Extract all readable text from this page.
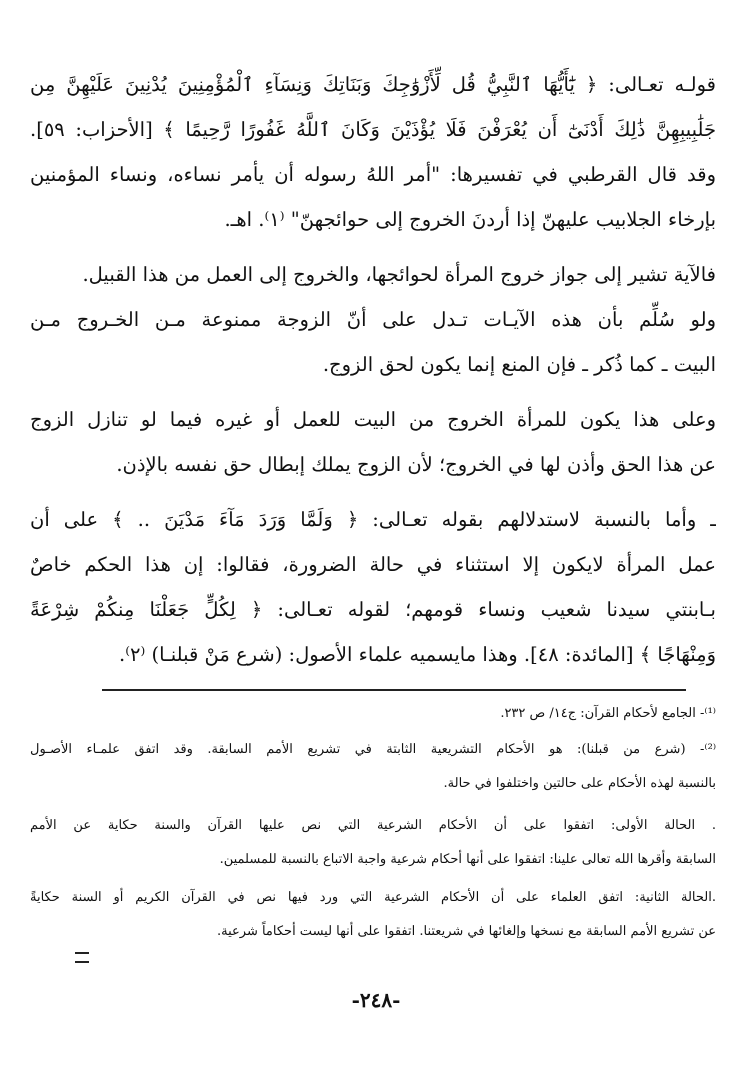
قولـه تعـالى: ﴿ يَٰٓأَيُّهَا ٱلنَّبِيُّ قُل لِّأَزْوَٰجِكَ وَبَنَاتِكَ وَنِسَآءِ ٱلْمُؤْمِنِينَ يُدْنِينَ عَلَيْهِنَّ مِن
جَلَٰبِيبِهِنَّ ذَٰلِكَ أَدْنَىٰٓ أَن يُعْرَفْنَ فَلَا يُؤْذَيْنَ وَكَانَ ٱللَّهُ غَفُورًا رَّحِيمًا ﴾ [الأحزاب: ٥٩].
وقد قال القرطبي في تفسيرها: "أمر اللهُ رسوله أن يأمر نساءه، ونساء المؤمنين
بإرخاء الجلابيب عليهنّ إذا أردنَ الخروج إلى حوائجهنّ" ⁽١⁾. اهـ.
فالآية تشير إلى جواز خروج المرأة لحوائجها، والخروج إلى العمل من هذا القبيل.
ولو سُلِّم بأن هذه الآيـات تـدل على أنّ الزوجة ممنوعة مـن الخـروج مـن
البيت ـ كما ذُكر ـ فإن المنع إنما يكون لحق الزوج.
وعلى هذا يكون للمرأة الخروج من البيت للعمل أو غيره فيما لو تنازل الزوج
عن هذا الحق وأذن لها في الخروج؛ لأن الزوج يملك إبطال حق نفسه بالإذن.
ـ وأما بالنسبة لاستدلالهم بقوله تعـالى: ﴿ وَلَمَّا وَرَدَ مَآءَ مَدْيَنَ .. ﴾ على أن
عمل المرأة لايكون إلا استثناء في حالة الضرورة، فقالوا: إن هذا الحكم خاصٌ
بـابنتي سيدنا شعيب ونساء قومهم؛ لقوله تعـالى: ﴿ لِكُلٍّ جَعَلْنَا مِنكُمْ شِرْعَةً
وَمِنْهَاجًا ﴾ [المائدة: ٤٨]. وهذا مايسميه علماء الأصول: (شرع مَنْ قبلنـا) ⁽٢⁾.
⁽¹⁾- الجامع لأحكام القرآن: ج١٤/ ص ٢٣٢.
⁽²⁾- (شرع من قبلنا): هو الأحكام التشريعية الثابتة في تشريع الأمم السابقة. وقد اتفق علمـاء الأصـول
بالنسبة لهذه الأحكام على حالتين واختلفوا في حالة.
. الحالة الأولى: اتفقوا على أن الأحكام الشرعية التي نص عليها القرآن والسنة حكاية عن الأمم
السابقة وأقرها الله تعالى علينا: اتفقوا على أنها أحكام شرعية واجبة الاتباع بالنسبة للمسلمين.
.الحالة الثانية: اتفق العلماء على أن الأحكام الشرعية التي ورد فيها نص في القرآن الكريم أو السنة حكايةً
عن تشريع الأمم السابقة مع نسخها وإلغائها في شريعتنا. اتفقوا على أنها ليست أحكاماً شرعية.
-٢٤٨-
